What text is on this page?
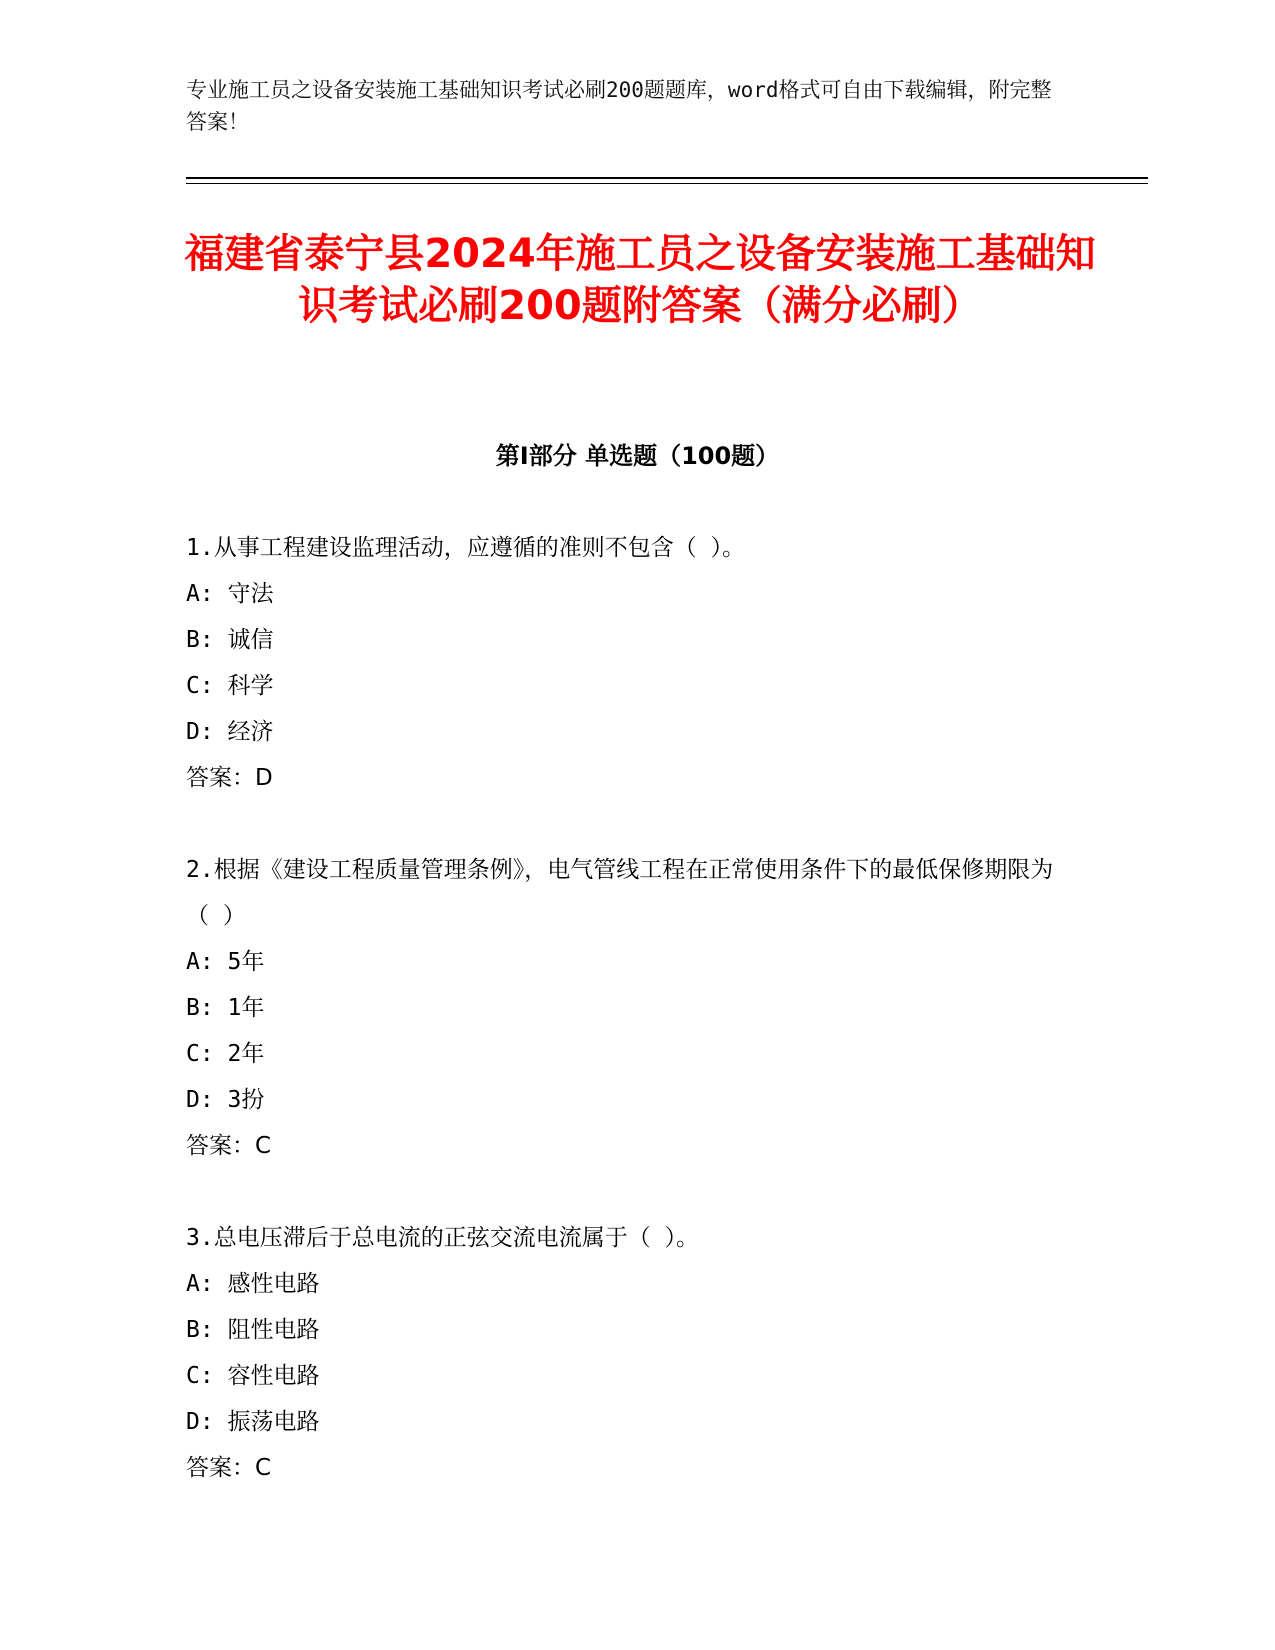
专业施工员之设备安装施工基础知识考试必刷200题题库，word格式可自由下载编辑，附完整答案！
福建省泰宁县2024年施工员之设备安装施工基础知识考试必刷200题附答案（满分必刷）
第I部分 单选题（100题）
1.从事工程建设监理活动，应遵循的准则不包含（ ）。
A: 守法
B: 诚信
C: 科学
D: 经济
答案：D
2.根据《建设工程质量管理条例》，电气管线工程在正常使用条件下的最低保修期限为（ ）
A: 5年
B: 1年
C: 2年
D: 3扮
答案：C
3.总电压滞后于总电流的正弦交流电流属于（ ）。
A: 感性电路
B: 阻性电路
C: 容性电路
D: 振荡电路
答案：C
